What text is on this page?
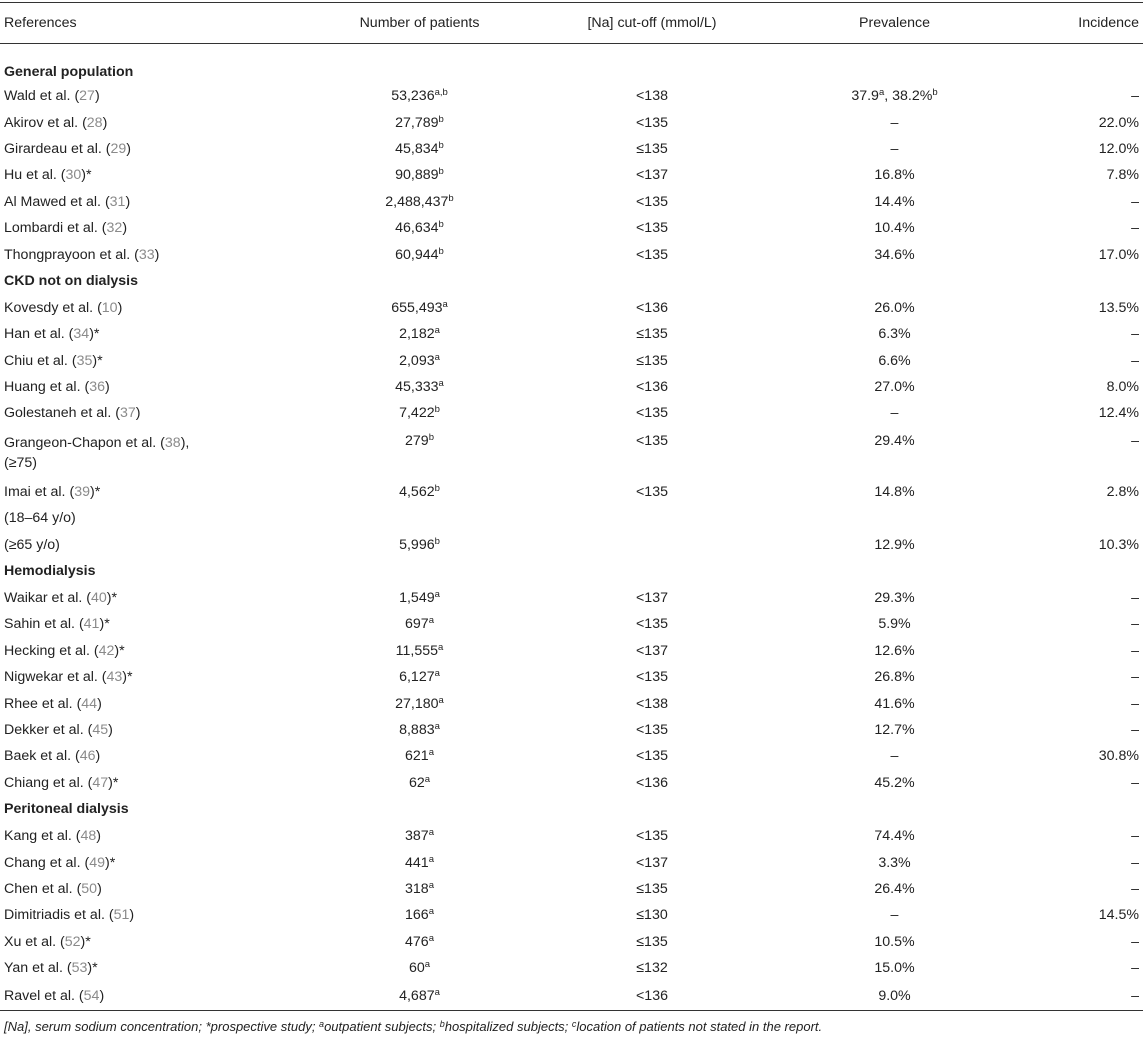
References	Number of patients	[Na] cut-off (mmol/L)	Prevalence	Incidence
General population				
Wald et al. (27)	$53,236^{a,b}$	<138	37.9$^a$, 38.2%$^b$	–
Akirov et al. (28)	27,789$^b$	<135	–	22.0%
Girardeau et al. (29)	45,834$^b$	≤135	–	12.0%
Hu et al. (30)*	90,889$^b$	<137	16.8%	7.8%
Al Mawed et al. (31)	2,488,437$^b$	<135	14.4%	–
Lombardi et al. (32)	46,634$^b$	<135	10.4%	–
Thongprayoon et al. (33)	60,944$^b$	<135	34.6%	17.0%
CKD not on dialysis				
Kovesdy et al. (10)	655,493$^a$	<136	26.0%	13.5%
Han et al. (34)*	2,182$^a$	≤135	6.3%	–
Chiu et al. (35)*	2,093$^a$	≤135	6.6%	–
Huang et al. (36)	45,333$^a$	<136	27.0%	8.0%
Golestaneh et al. (37)	7,422$^b$	<135	–	12.4%
Grangeon-Chapon et al. (38),
(≥75)	$279^b$	<135	29.4%	–
Imai et al. (39)*	4,562$^b$	<135	14.8%	2.8%
(18–64 y/o)				
(≥65 y/o)	5,996$^b$		12.9%	10.3%
Hemodialysis				
Waikar et al. (40)*	1,549$^a$	<137	29.3%	–
Sahin et al. (41)*	$697^a$	<135	5.9%	–
Hecking et al. (42)*	11,555$^a$	<137	12.6%	–
Nigwekar et al. (43)*	6,127$^a$	<135	26.8%	–
Rhee et al. (44)	27,180$^a$	<138	41.6%	–
Dekker et al. (45)	8,883$^a$	<135	12.7%	–
Baek et al. (46)	$621^a$	<135	–	30.8%
Chiang et al. (47)*	$62^a$	<136	45.2%	–
Peritoneal dialysis				
Kang et al. (48)	$387^a$	<135	74.4%	–
Chang et al. (49)*	$441^a$	<137	3.3%	–
Chen et al. (50)	$318^a$	≤135	26.4%	–
Dimitriadis et al. (51)	$166^a$	≤130	–	14.5%
Xu et al. (52)*	$476^a$	≤135	10.5%	–
Yan et al. (53)*	$60^a$	≤132	15.0%	–
Ravel et al. (54)	4,687$^a$	<136	9.0%	–
[Na], serum sodium concentration; *prospective study; $^a$outpatient subjects; $^b$hospitalized subjects; $^c$location of patients not stated in the report.
